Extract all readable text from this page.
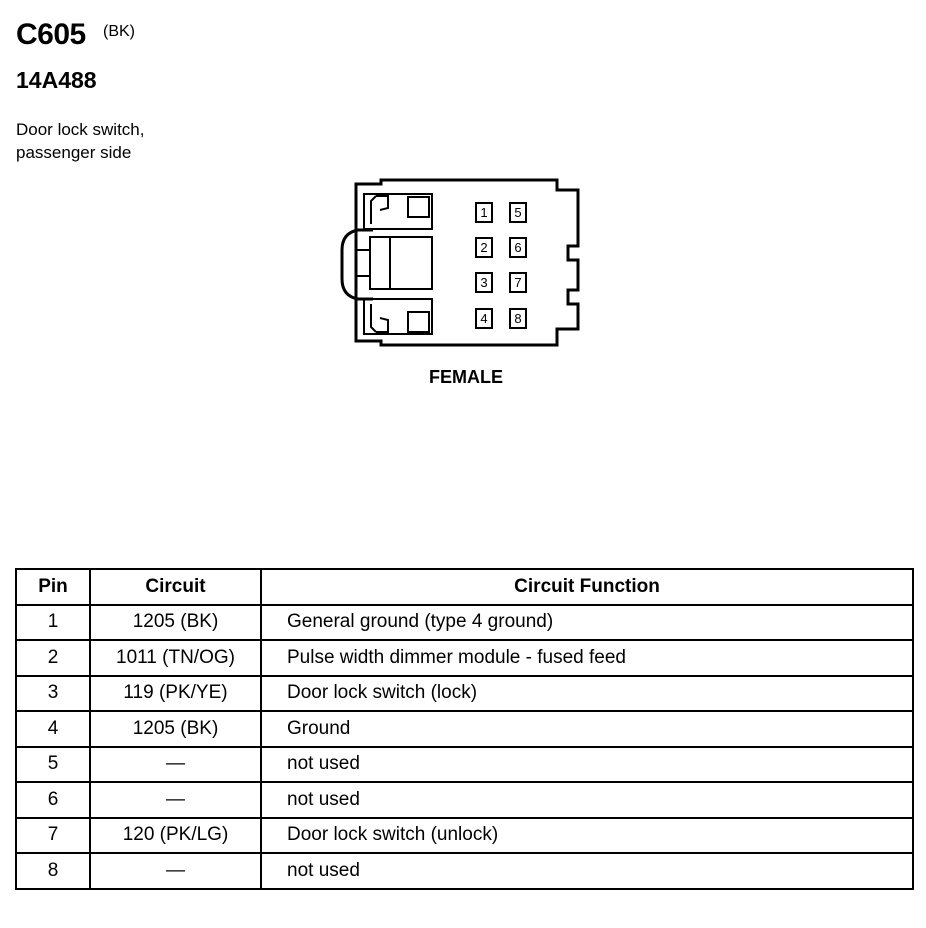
C605 (BK)
14A488
Door lock switch,
passenger side
1
2
3
4
5
6
7
8
FEMALE
Pin	Circuit	Circuit Function
1	1205 (BK)	General ground (type 4 ground)
2	1011 (TN/OG)	Pulse width dimmer module - fused feed
3	119 (PK/YE)	Door lock switch (lock)
4	1205 (BK)	Ground
5	—	not used
6	—	not used
7	120 (PK/LG)	Door lock switch (unlock)
8	—	not used
